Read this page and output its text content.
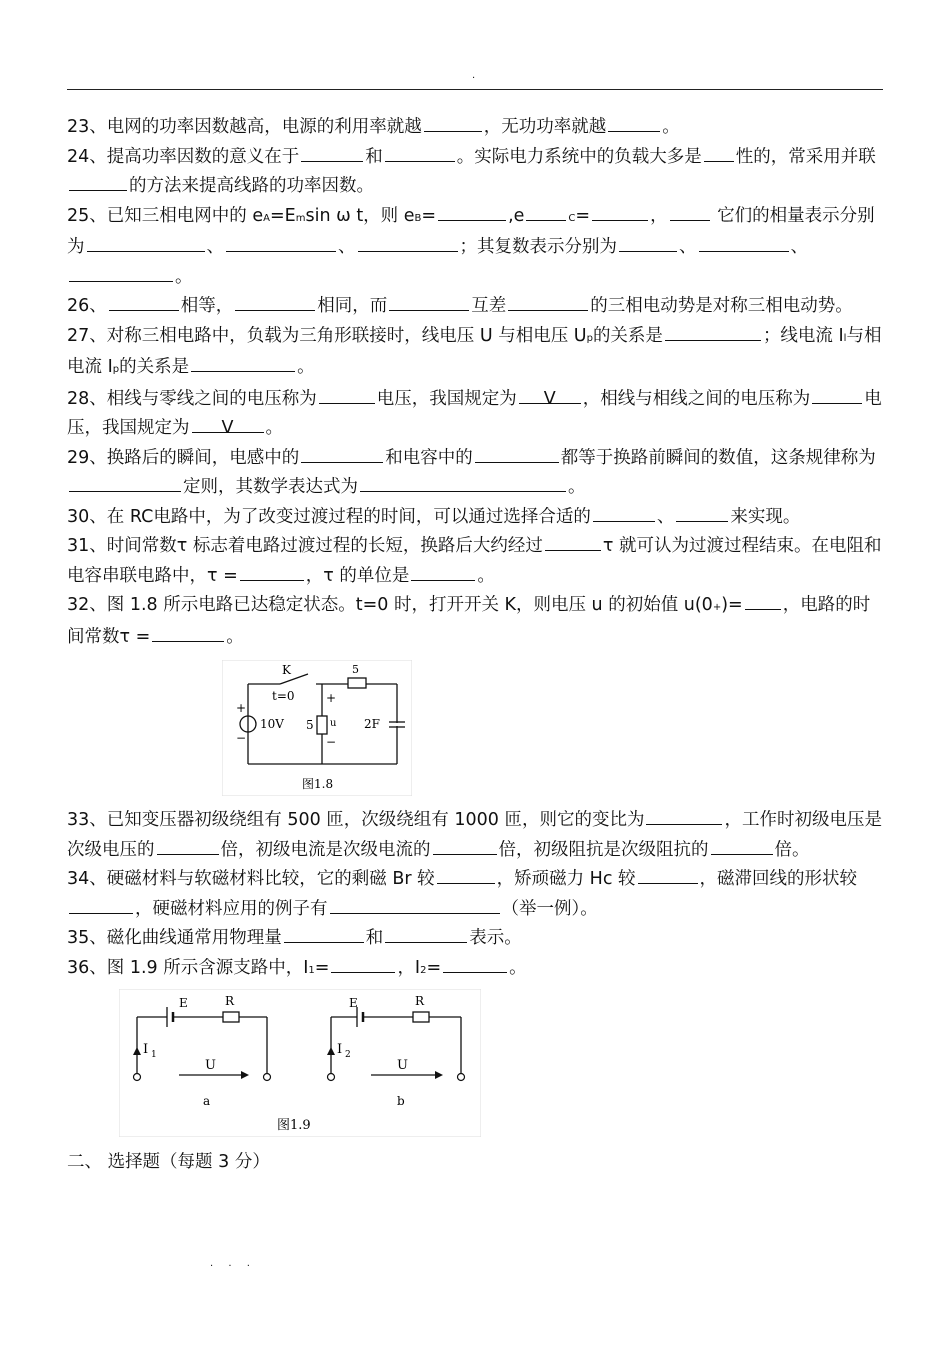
.
23、电网的功率因数越高，电源的利用率就越	，无功功率就越	。
24、提高功率因数的意义在于	和	。实际电力系统中的负载大多是 性的，常采用并联的方法来提高线路的功率因数。
25、已知三相电网中的 eA=Emsin ω t，则 eB=	,e	C=	，	它们的相量表示分别为	、	、	；其复数表示分别为	、	、。
26、	相等，	相同，而	互差	的三相电动势是对称三相电动势。
27、对称三相电路中，负载为三角形联接时，线电压 U 与相电压 Up的关系是	；线电流 Il与相电流 Ip的关系是	。
28、相线与零线之间的电压称为	电压，我国规定为 V ，相线与相线之间的电压称为	电压，我国规定为 V 。
29、换路后的瞬间，电感中的	和电容中的	都等于换路前瞬间的数值，这条规律称为定则，其数学表达式为	。
30、在 RC电路中，为了改变过渡过程的时间，可以通过选择合适的	、	来实现。
31、时间常数τ 标志着电路过渡过程的长短，换路后大约经过	τ 就可认为过渡过程结束。在电阻和电容串联电路中，τ =	，τ 的单位是	。
32、图 1.8 所示电路已达稳定状态。t=0 时，打开开关 K，则电压 u 的初始值 u(0+)= ，电路的时间常数τ =	。
K
t=0
5
10V 5 u 2F
+
−
+
−
图1.8
33、已知变压器初级绕组有 500 匝，次级绕组有 1000 匝，则它的变比为	，工作时初级电压是次级电压的	倍，初级电流是次级电流的	倍，初级阻抗是次级阻抗的	倍。
34、硬磁材料与软磁材料比较，它的剩磁 Br 较	，矫顽磁力 Hc 较	，磁滞回线的形状较，硬磁材料应用的例子有	（举一例）。
35、磁化曲线通常用物理量	和	表示。
36、图 1.9 所示含源支路中，I1=	，I2=	。
E	R
I 1
U
a
E	R
I 2
U
b
图1.9
二、 选择题（每题 3 分）
. . .
